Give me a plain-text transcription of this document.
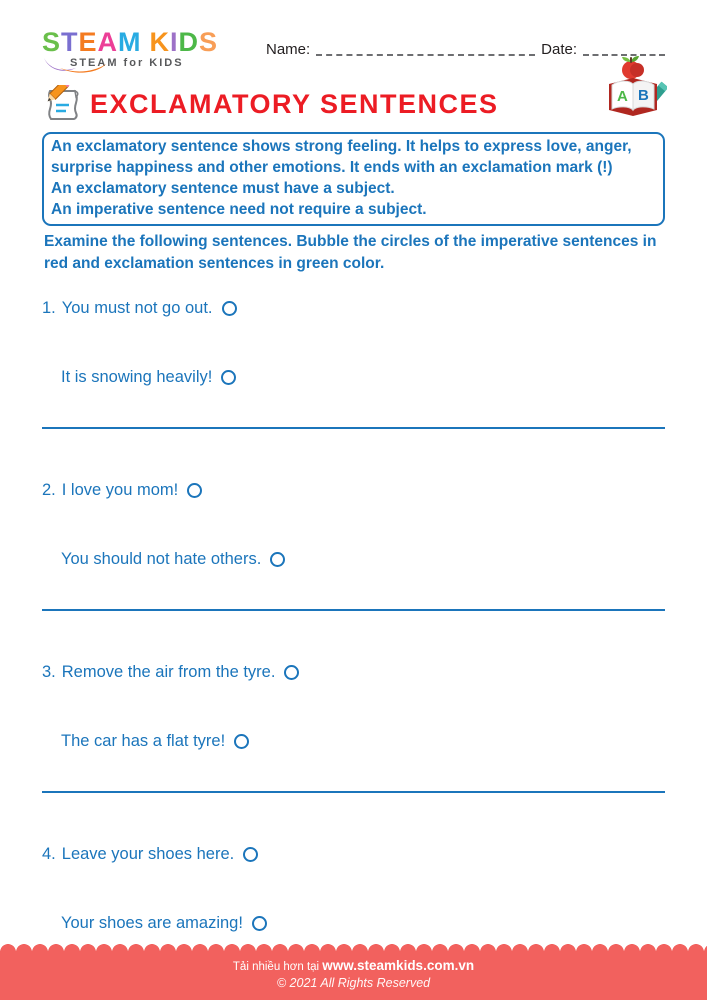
STEAM KIDS
STEAM for KIDS
Name:	Date:
A B
EXCLAMATORY SENTENCES
An exclamatory sentence shows strong feeling. It helps to express love, anger, surprise happiness and other emotions. It ends with an exclamation mark (!)
An exclamatory sentence must have a subject.
An imperative sentence need not require a subject.
Examine the following sentences. Bubble the circles of the imperative sentences in red and exclamation sentences in green color.
1. You must not go out.
It is snowing heavily!
2. I love you mom!
You should not hate others.
3. Remove the air from the tyre.
The car has a flat tyre!
4. Leave your shoes here.
Your shoes are amazing!
Tải nhiều hơn tại www.steamkids.com.vn
© 2021 All Rights Reserved
